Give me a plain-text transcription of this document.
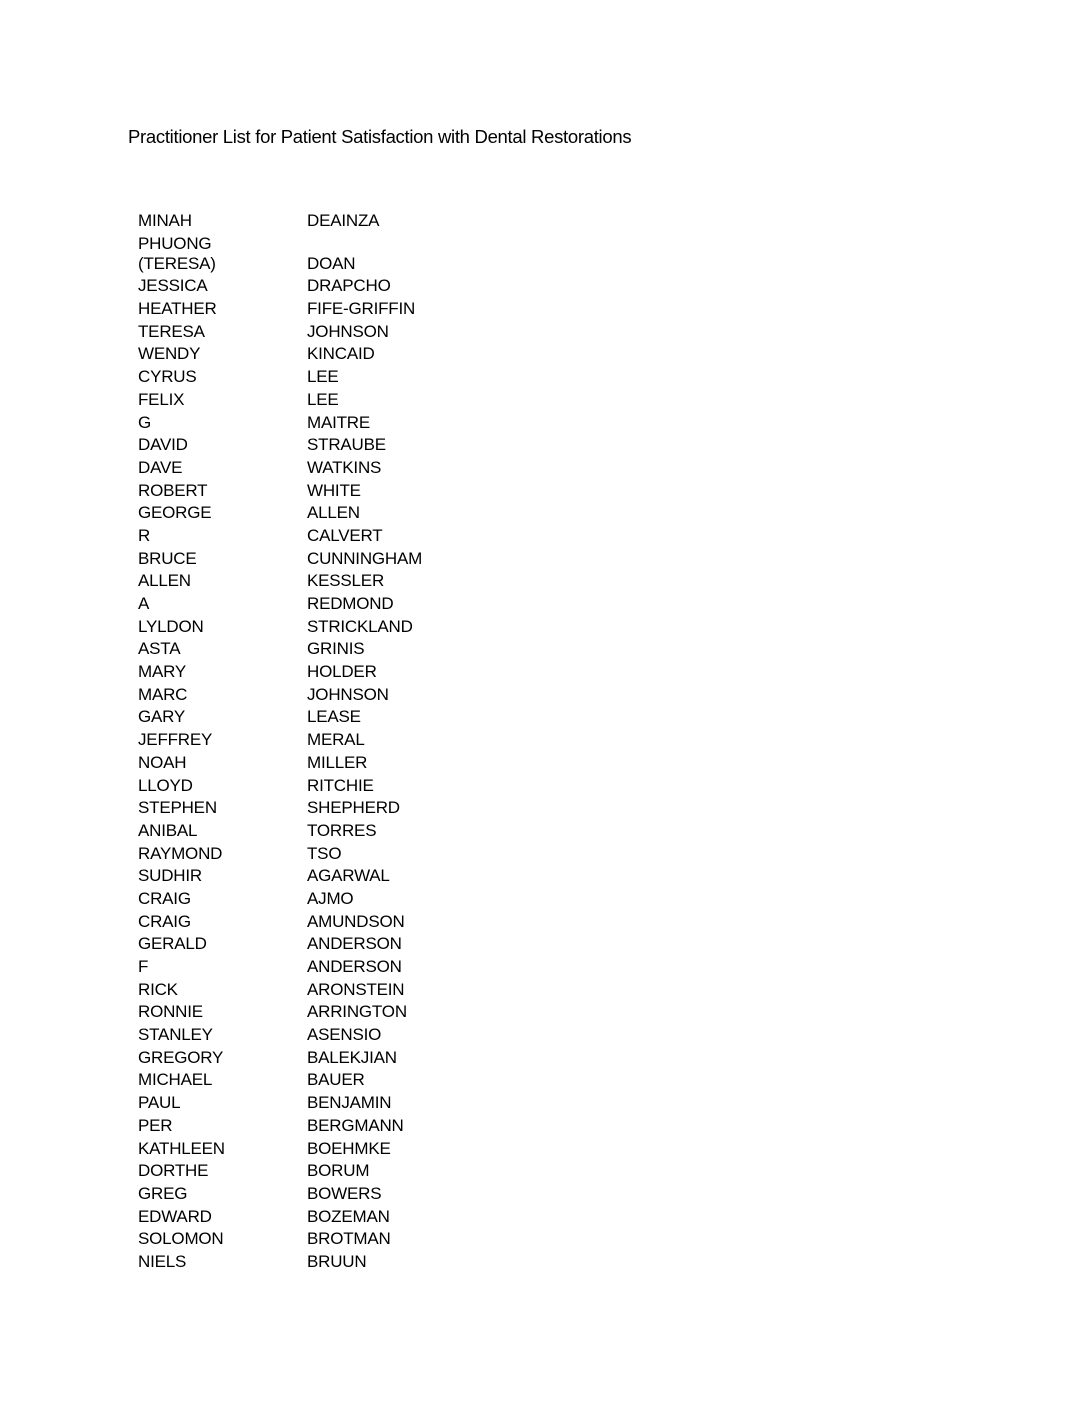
Practitioner List for Patient Satisfaction with Dental Restorations
MINAH	DEAINZA
PHUONG
(TERESA)	DOAN
JESSICA	DRAPCHO
HEATHER	FIFE-GRIFFIN
TERESA	JOHNSON
WENDY	KINCAID
CYRUS	LEE
FELIX	LEE
G	MAITRE
DAVID	STRAUBE
DAVE	WATKINS
ROBERT	WHITE
GEORGE	ALLEN
R	CALVERT
BRUCE	CUNNINGHAM
ALLEN	KESSLER
A	REDMOND
LYLDON	STRICKLAND
ASTA	GRINIS
MARY	HOLDER
MARC	JOHNSON
GARY	LEASE
JEFFREY	MERAL
NOAH	MILLER
LLOYD	RITCHIE
STEPHEN	SHEPHERD
ANIBAL	TORRES
RAYMOND	TSO
SUDHIR	AGARWAL
CRAIG	AJMO
CRAIG	AMUNDSON
GERALD	ANDERSON
F	ANDERSON
RICK	ARONSTEIN
RONNIE	ARRINGTON
STANLEY	ASENSIO
GREGORY	BALEKJIAN
MICHAEL	BAUER
PAUL	BENJAMIN
PER	BERGMANN
KATHLEEN	BOEHMKE
DORTHE	BORUM
GREG	BOWERS
EDWARD	BOZEMAN
SOLOMON	BROTMAN
NIELS	BRUUN
